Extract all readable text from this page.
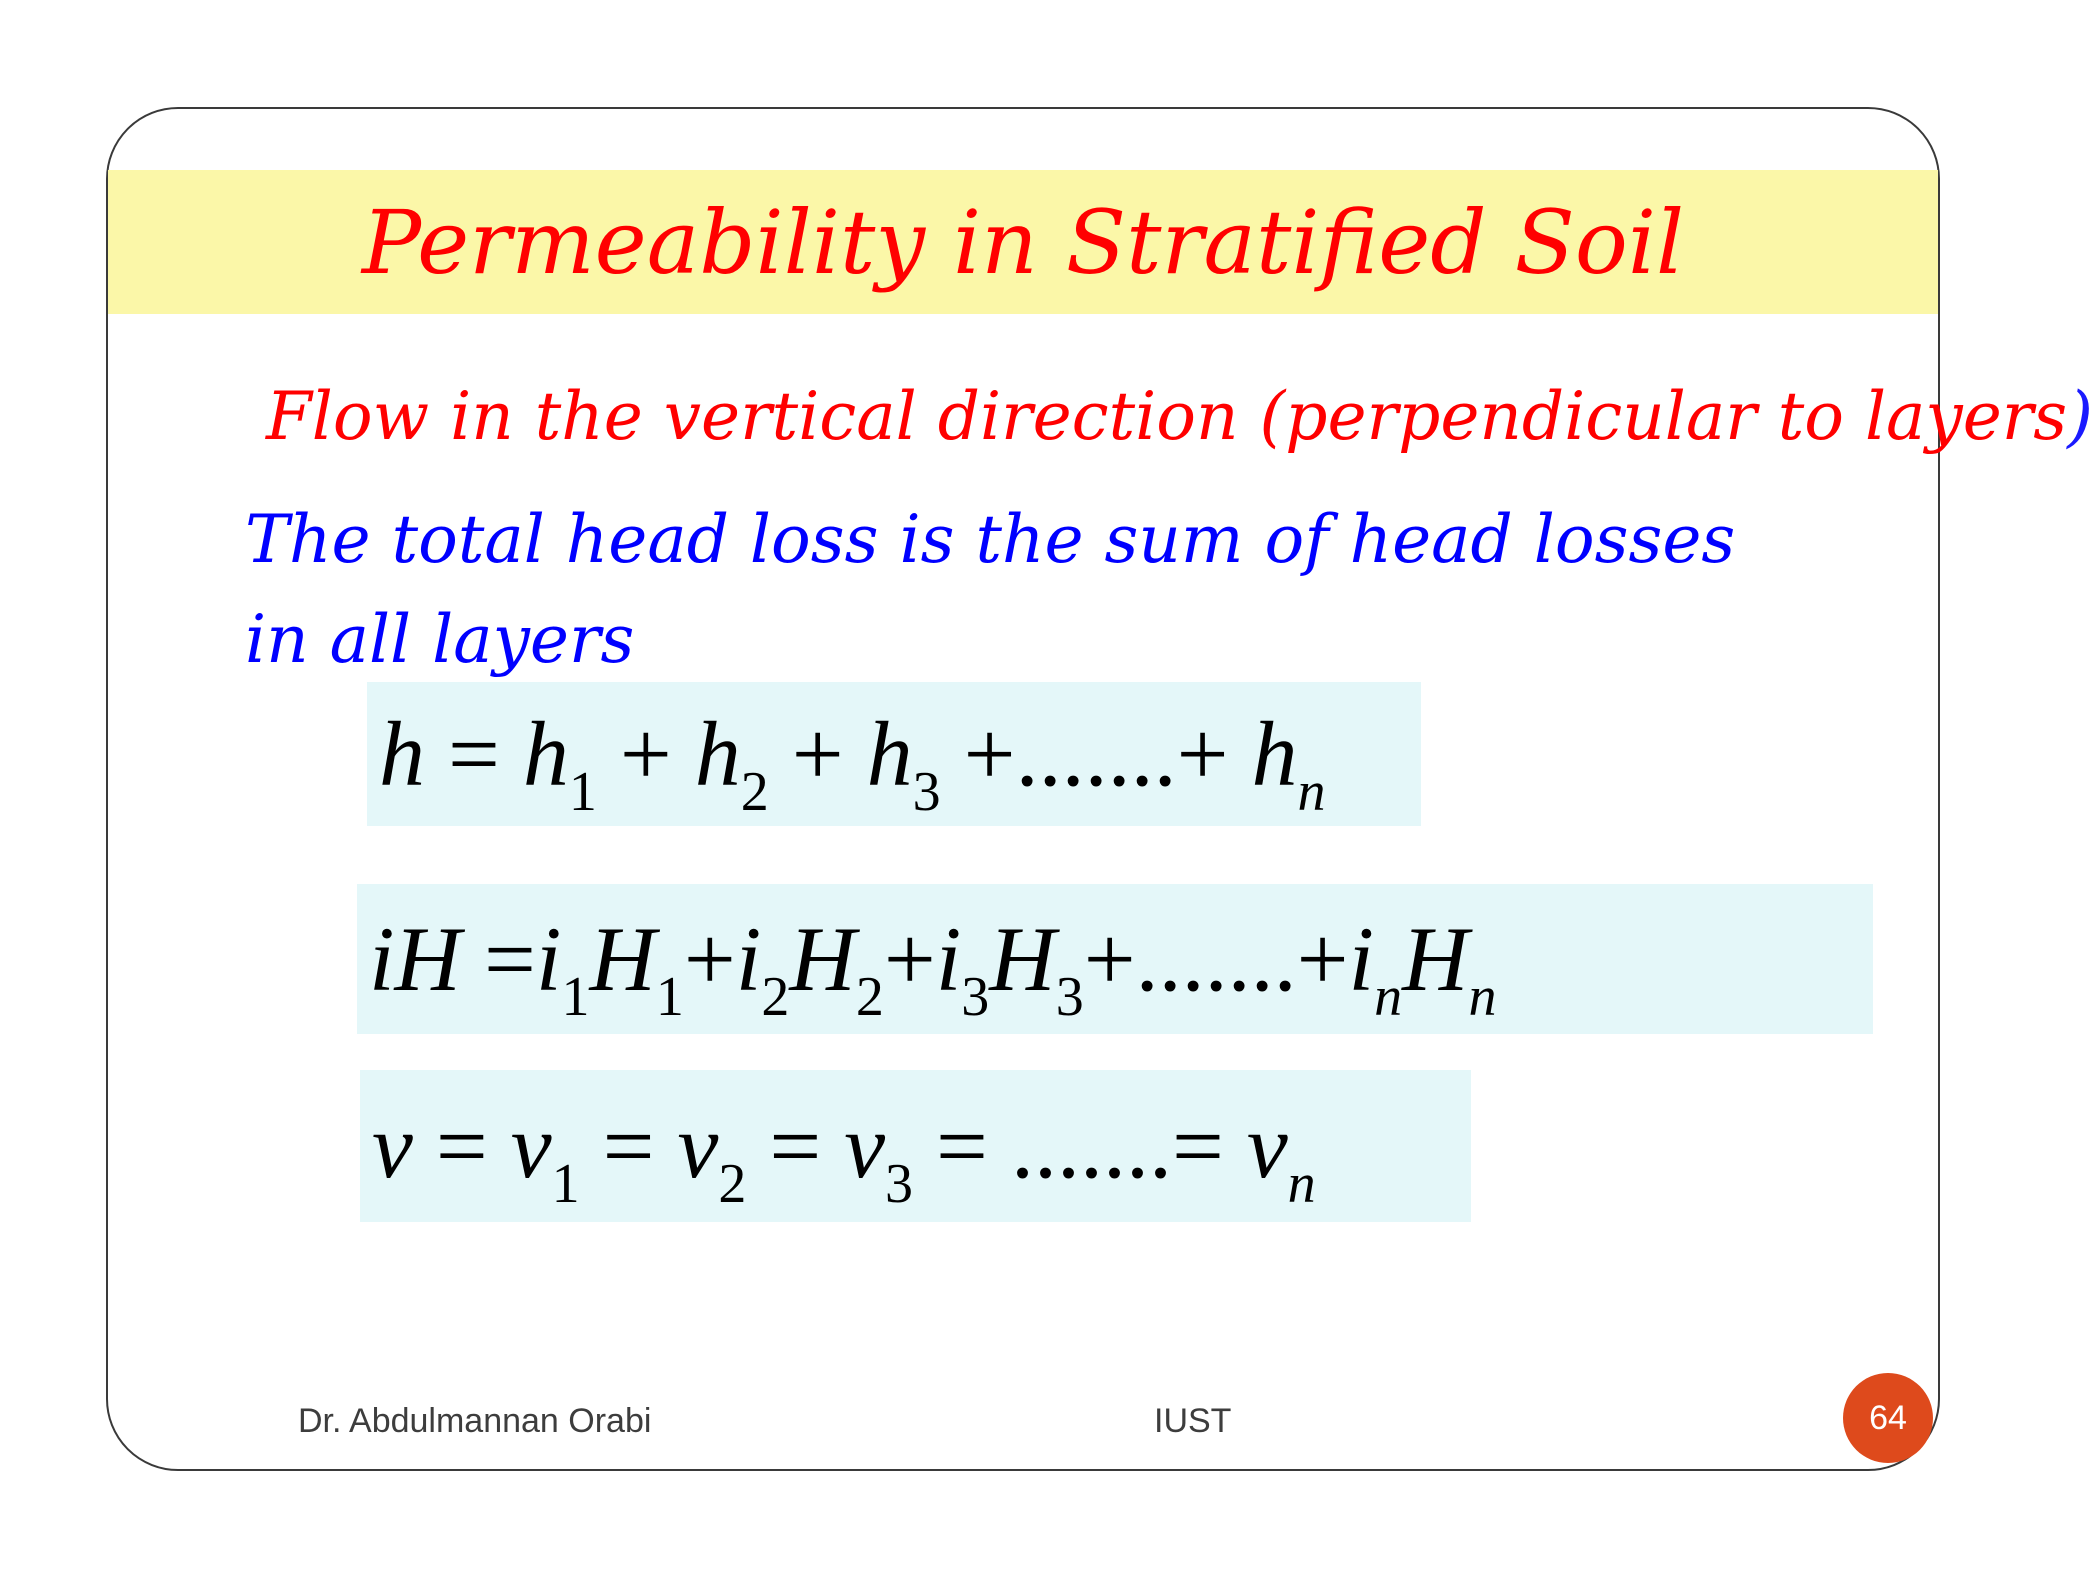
Permeability in Stratified Soil
Flow in the vertical direction (perpendicular to layers)
The total head loss is the sum of head losses in all layers
$h = h_1 + h_2 + h_3$ +.......+ $h_n$
iH $=i_1H_1+i_2H_2+i_3H_3+.......+i_nH_n$
$v = v_1 = v_2 = v_3$ = .......= $v_n$
Dr. Abdulmannan Orabi	IUST	64
